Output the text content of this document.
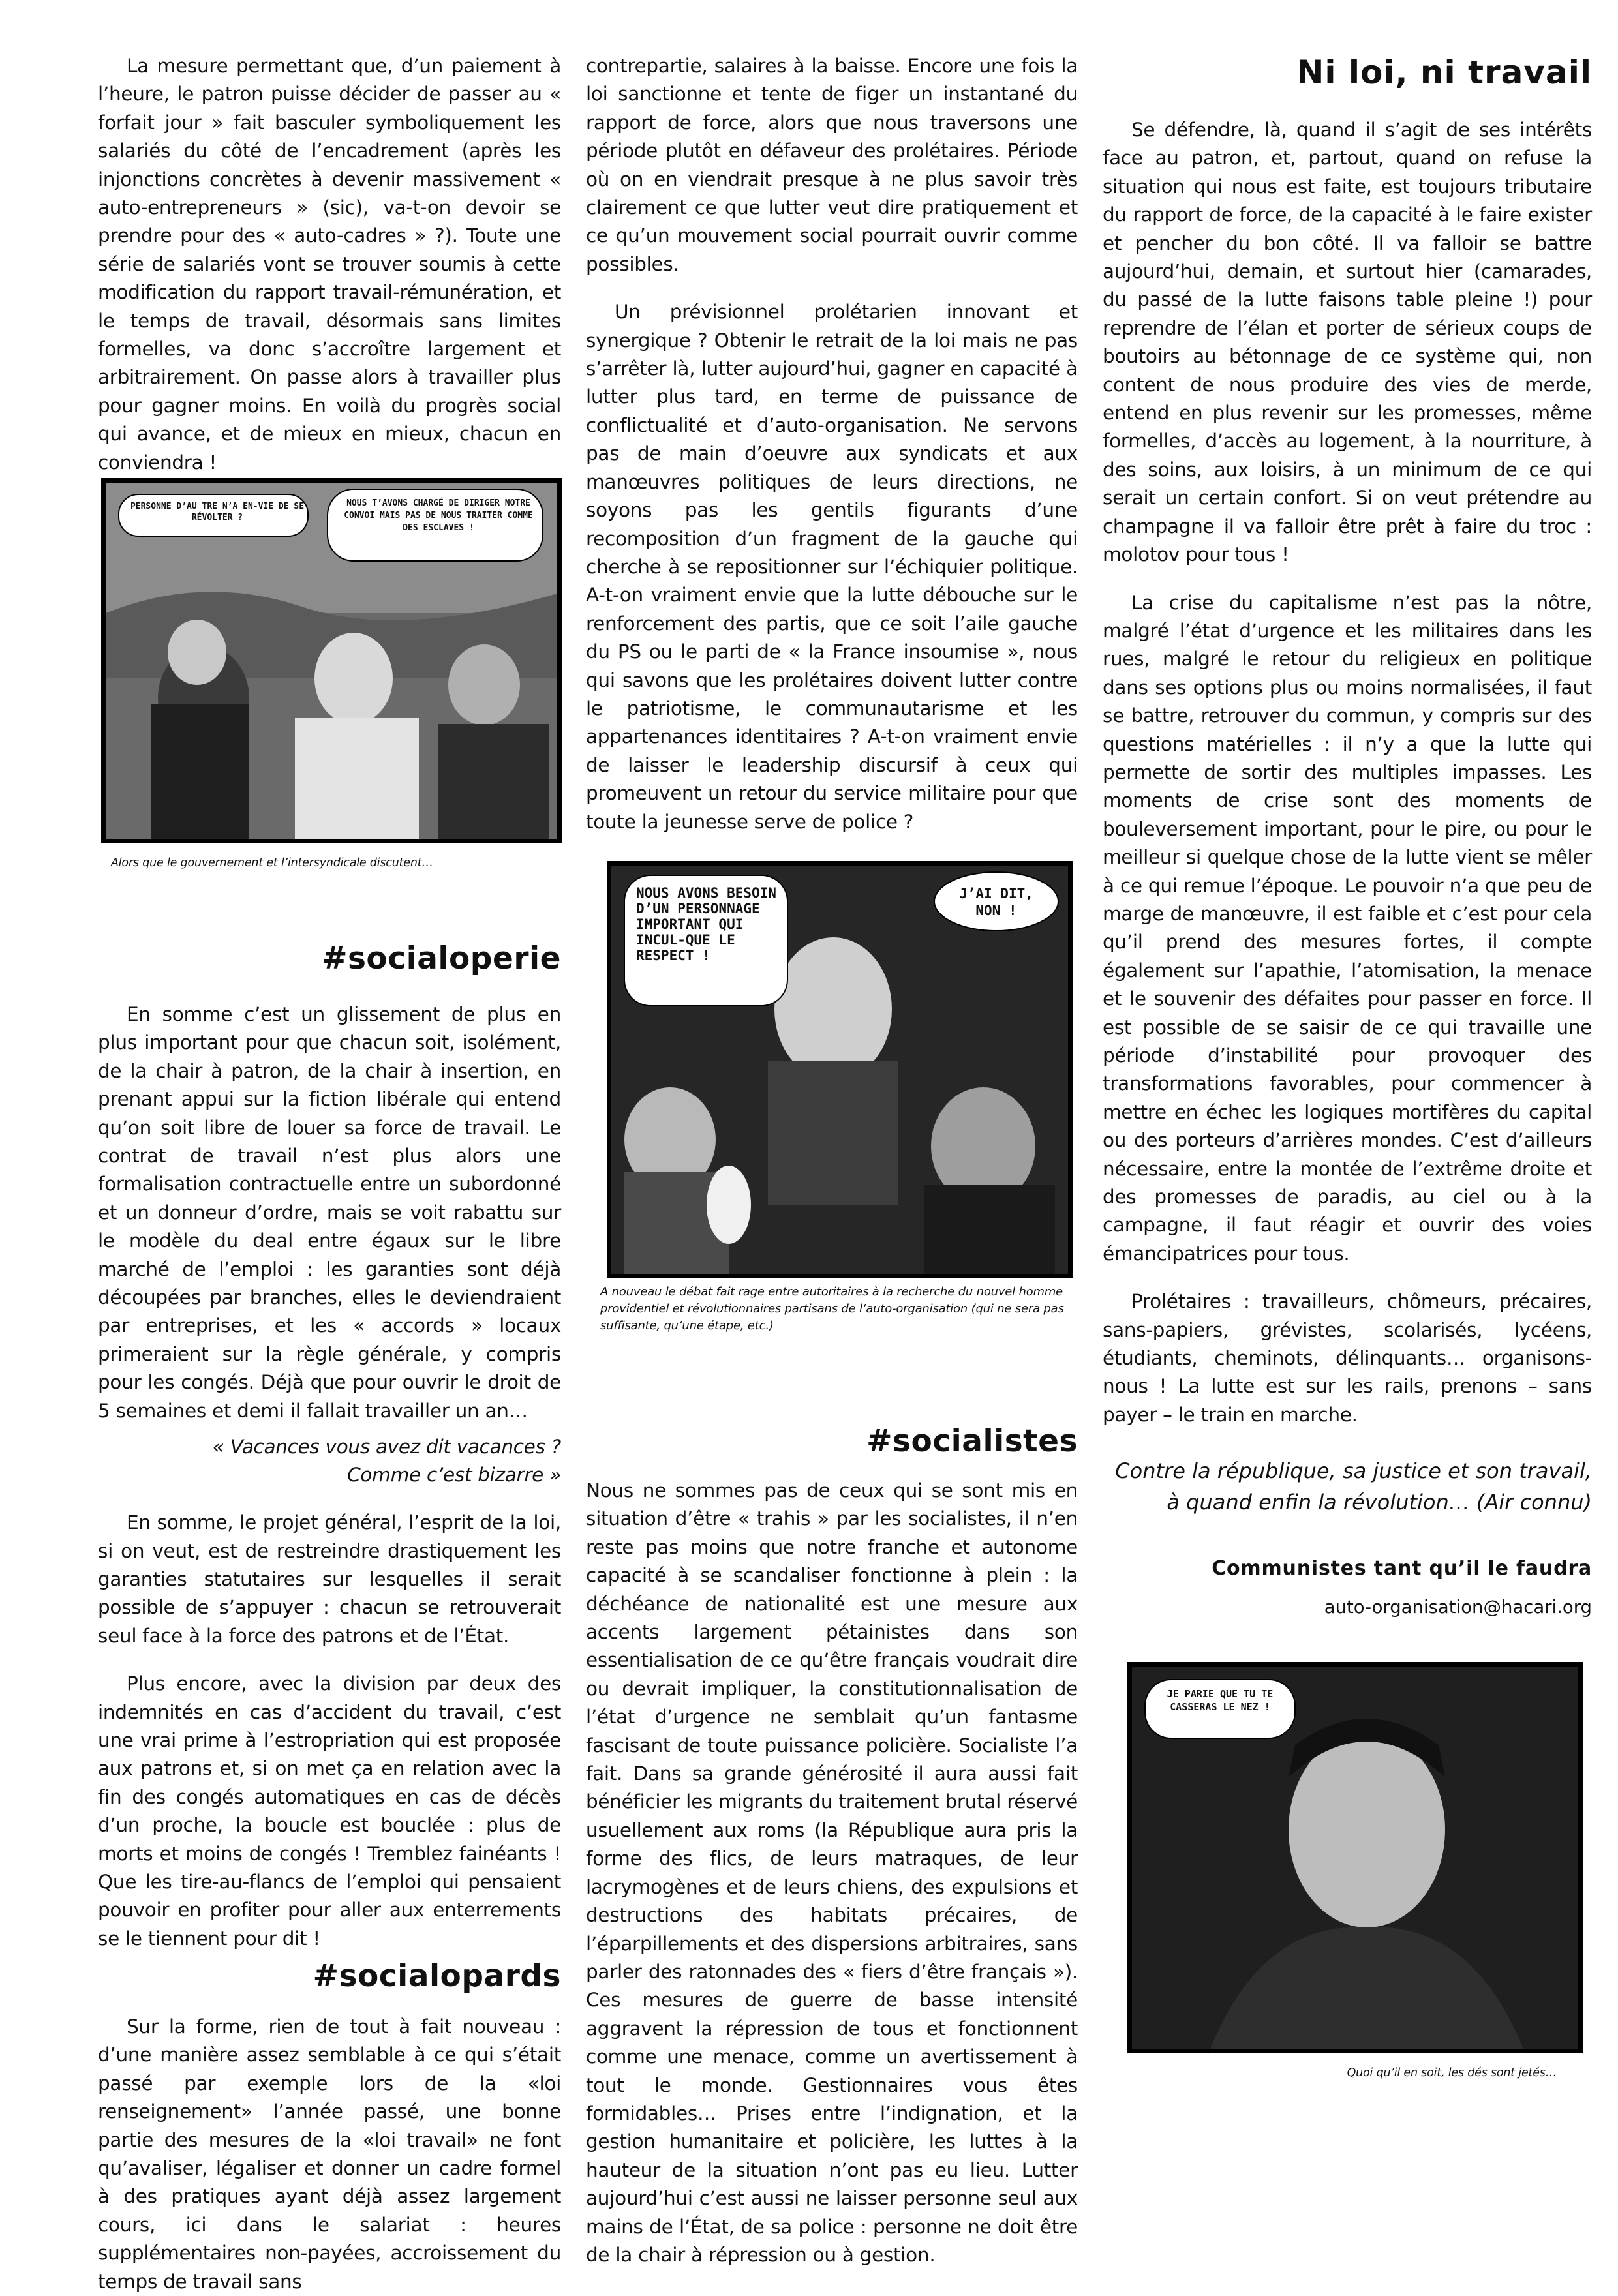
La mesure permettant que, d’un paiement à l’heure, le patron puisse décider de passer au « forfait jour » fait basculer symboliquement les salariés du côté de l’encadrement (après les injonctions concrètes à devenir massivement « auto-entrepreneurs » (sic), va-t-on devoir se prendre pour des « auto-cadres » ?). Toute une série de salariés vont se trouver soumis à cette modification du rapport travail-rémunération, et le temps de travail, désormais sans limites formelles, va donc s’accroître largement et arbitrairement. On passe alors à travailler plus pour gagner moins. En voilà du progrès social qui avance, et de mieux en mieux, chacun en conviendra !

PERSONNE D’AU TRE N’A EN-VIE DE SE RÉVOLTER ?
NOUS T’AVONS CHARGÉ DE DIRIGER NOTRE CONVOI MAIS PAS DE NOUS TRAITER COMME DES ESCLAVES !
Alors que le gouvernement et l’intersyndicale discutent…
#socialoperie

En somme c’est un glissement de plus en plus important pour que chacun soit, isolément, de la chair à patron, de la chair à insertion, en prenant appui sur la fiction libérale qui entend qu’on soit libre de louer sa force de travail. Le contrat de travail n’est plus alors une formalisation contractuelle entre un subordonné et un donneur d’ordre, mais se voit rabattu sur le modèle du deal entre égaux sur le libre marché de l’emploi : les garanties sont déjà découpées par branches, elles le deviendraient par entreprises, et les « accords » locaux primeraient sur la règle générale, y compris pour les congés. Déjà que pour ouvrir le droit de 5 semaines et demi il fallait travailler un an…

« Vacances vous avez dit vacances ?

Comme c’est bizarre »

En somme, le projet général, l’esprit de la loi, si on veut, est de restreindre drastiquement les garanties statutaires sur lesquelles il serait possible de s’appuyer : chacun se retrouverait seul face à la force des patrons et de l’État.

Plus encore, avec la division par deux des indemnités en cas d’accident du travail, c’est une vrai prime à l’estropriation qui est proposée aux patrons et, si on met ça en relation avec la fin des congés automatiques en cas de décès d’un proche, la boucle est bouclée : plus de morts et moins de congés ! Tremblez fainéants ! Que les tire-au-flancs de l’emploi qui pensaient pouvoir en profiter pour aller aux enterrements se le tiennent pour dit !

#socialopards

Sur la forme, rien de tout à fait nouveau : d’une manière assez semblable à ce qui s’était passé par exemple lors de la «loi renseignement» l’année passé, une bonne partie des mesures de la «loi travail» ne font qu’avaliser, légaliser et donner un cadre formel à des pratiques ayant déjà assez largement cours, ici dans le salariat : heures supplémentaires non-payées, accroissement du temps de travail sans

contrepartie, salaires à la baisse. Encore une fois la loi sanctionne et tente de figer un instantané du rapport de force, alors que nous traversons une période plutôt en défaveur des prolétaires. Période où on en viendrait presque à ne plus savoir très clairement ce que lutter veut dire pratiquement et ce qu’un mouvement social pourrait ouvrir comme possibles.

Un prévisionnel prolétarien innovant et synergique ? Obtenir le retrait de la loi mais ne pas s’arrêter là, lutter aujourd’hui, gagner en capacité à lutter plus tard, en terme de puissance de conflictualité et d’auto-organisation. Ne servons pas de main d’oeuvre aux syndicats et aux manœuvres politiques de leurs directions, ne soyons pas les gentils figurants d’une recomposition d’un fragment de la gauche qui cherche à se repositionner sur l’échiquier politique. A-t-on vraiment envie que la lutte débouche sur le renforcement des partis, que ce soit l’aile gauche du PS ou le parti de « la France insoumise », nous qui savons que les prolétaires doivent lutter contre le patriotisme, le communautarisme et les appartenances identitaires ? A-t-on vraiment envie de laisser le leadership discursif à ceux qui promeuvent un retour du service militaire pour que toute la jeunesse serve de police ?

NOUS AVONS BESOIN D’UN PERSONNAGE IMPORTANT QUI INCUL-QUE LE RESPECT !
J’AI DIT, NON !
A nouveau le débat fait rage entre autoritaires à la recherche du nouvel homme providentiel et révolutionnaires partisans de l’auto-organisation (qui ne sera pas suffisante, qu’une étape, etc.)
#socialistes

Nous ne sommes pas de ceux qui se sont mis en situation d’être « trahis » par les socialistes, il n’en reste pas moins que notre franche et autonome capacité à se scandaliser fonctionne à plein : la déchéance de nationalité est une mesure aux accents largement pétainistes dans son essentialisation de ce qu’être français voudrait dire ou devrait impliquer, la constitutionnalisation de l’état d’urgence ne semblait qu’un fantasme fascisant de toute puissance policière. Socialiste l’a fait. Dans sa grande générosité il aura aussi fait bénéficier les migrants du traitement brutal réservé usuellement aux roms (la République aura pris la forme des flics, de leurs matraques, de leur lacrymogènes et de leurs chiens, des expulsions et destructions des habitats précaires, de l’éparpillements et des dispersions arbitraires, sans parler des ratonnades des « fiers d’être français »). Ces mesures de guerre de basse intensité aggravent la répression de tous et fonctionnent comme une menace, comme un avertissement à tout le monde. Gestionnaires vous êtes formidables… Prises entre l’indignation, et la gestion humanitaire et policière, les luttes à la hauteur de la situation n’ont pas eu lieu. Lutter aujourd’hui c’est aussi ne laisser personne seul aux mains de l’État, de sa police : personne ne doit être de la chair à répression ou à gestion.

Ni loi, ni travail

Se défendre, là, quand il s’agit de ses intérêts face au patron, et, partout, quand on refuse la situation qui nous est faite, est toujours tributaire du rapport de force, de la capacité à le faire exister et pencher du bon côté. Il va falloir se battre aujourd’hui, demain, et surtout hier (camarades, du passé de la lutte faisons table pleine !) pour reprendre de l’élan et porter de sérieux coups de boutoirs au bétonnage de ce système qui, non content de nous produire des vies de merde, entend en plus revenir sur les promesses, même formelles, d’accès au logement, à la nourriture, à des soins, aux loisirs, à un minimum de ce qui serait un certain confort. Si on veut prétendre au champagne il va falloir être prêt à faire du troc : molotov pour tous !

La crise du capitalisme n’est pas la nôtre, malgré l’état d’urgence et les militaires dans les rues, malgré le retour du religieux en politique dans ses options plus ou moins normalisées, il faut se battre, retrouver du commun, y compris sur des questions matérielles : il n’y a que la lutte qui permette de sortir des multiples impasses. Les moments de crise sont des moments de bouleversement important, pour le pire, ou pour le meilleur si quelque chose de la lutte vient se mêler à ce qui remue l’époque. Le pouvoir n’a que peu de marge de manœuvre, il est faible et c’est pour cela qu’il prend des mesures fortes, il compte également sur l’apathie, l’atomisation, la menace et le souvenir des défaites pour passer en force. Il est possible de se saisir de ce qui travaille une période d’instabilité pour provoquer des transformations favorables, pour commencer à mettre en échec les logiques mortifères du capital ou des porteurs d’arrières mondes. C’est d’ailleurs nécessaire, entre la montée de l’extrême droite et des promesses de paradis, au ciel ou à la campagne, il faut réagir et ouvrir des voies émancipatrices pour tous.

Prolétaires : travailleurs, chômeurs, précaires, sans-papiers, grévistes, scolarisés, lycéens, étudiants, cheminots, délinquants… organisons-nous ! La lutte est sur les rails, prenons – sans payer – le train en marche.

Contre la république, sa justice et son travail,

à quand enfin la révolution… (Air connu)

Communistes tant qu’il le faudra

auto-organisation@hacari.org

JE PARIE QUE TU TE CASSERAS LE NEZ !
Quoi qu’il en soit, les dés sont jetés…
